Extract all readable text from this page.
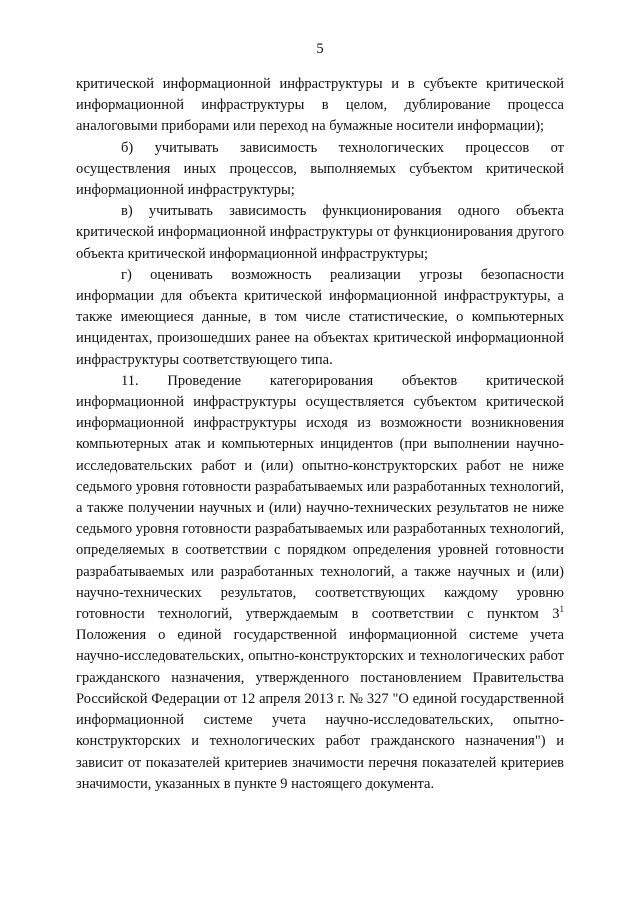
5

критической информационной инфраструктуры и в субъекте критической информационной инфраструктуры в целом, дублирование процесса аналоговыми приборами или переход на бумажные носители информации);

б) учитывать зависимость технологических процессов от осуществления иных процессов, выполняемых субъектом критической информационной инфраструктуры;

в) учитывать зависимость функционирования одного объекта критической информационной инфраструктуры от функционирования другого объекта критической информационной инфраструктуры;

г) оценивать возможность реализации угрозы безопасности информации для объекта критической информационной инфраструктуры, а также имеющиеся данные, в том числе статистические, о компьютерных инцидентах, произошедших ранее на объектах критической информационной инфраструктуры соответствующего типа.

11. Проведение категорирования объектов критической информационной инфраструктуры осуществляется субъектом критической информационной инфраструктуры исходя из возможности возникновения компьютерных атак и компьютерных инцидентов (при выполнении научно-исследовательских работ и (или) опытно-конструкторских работ не ниже седьмого уровня готовности разрабатываемых или разработанных технологий, а также получении научных и (или) научно-технических результатов не ниже седьмого уровня готовности разрабатываемых или разработанных технологий, определяемых в соответствии с порядком определения уровней готовности разрабатываемых или разработанных технологий, а также научных и (или) научно-технических результатов, соответствующих каждому уровню готовности технологий, утверждаемым в соответствии с пунктом $3^1$ Положения о единой государственной информационной системе учета научно-исследовательских, опытно-конструкторских и технологических работ гражданского назначения, утвержденного постановлением Правительства Российской Федерации от 12 апреля 2013 г. № 327 "О единой государственной информационной системе учета научно-исследовательских, опытно-конструкторских и технологических работ гражданского назначения") и зависит от показателей критериев значимости перечня показателей критериев значимости, указанных в пункте 9 настоящего документа.
